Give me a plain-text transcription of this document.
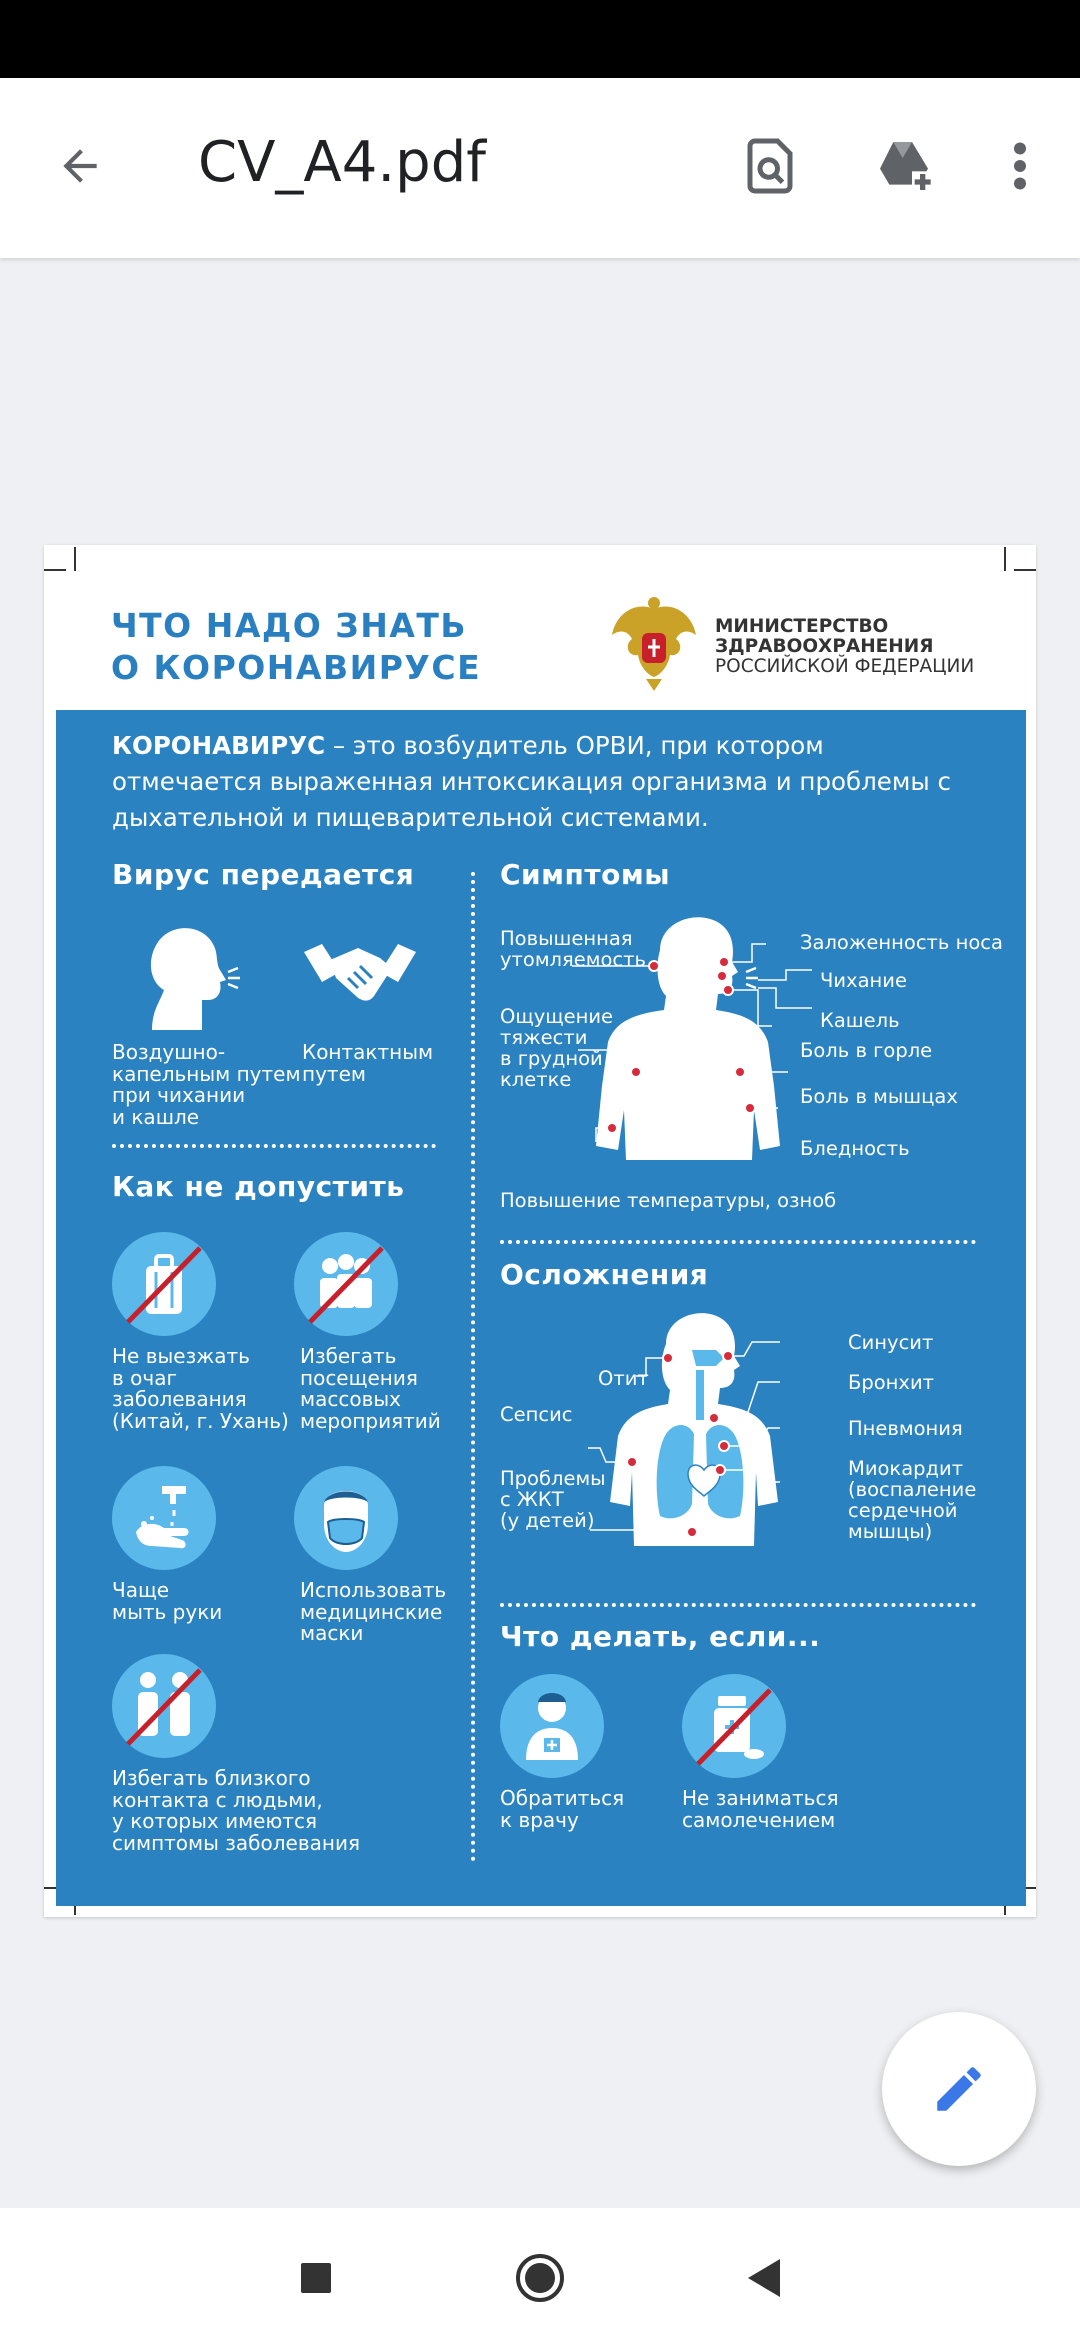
CV_A4.pdf
ЧТО НАДО ЗНАТЬ
О КОРОНАВИРУСЕ
МИНИСТЕРСТВО
ЗДРАВООХРАНЕНИЯ
РОССИЙСКОЙ ФЕДЕРАЦИИ
КОРОНАВИРУС – это возбудитель ОРВИ, при котором отмечается выраженная интоксикация организма и проблемы с дыхательной и пищеварительной системами.
Вирус передается
Воздушно-
капельным путем
при чихании
и кашле
Контактным
путем
Как не допустить
Не выезжать
в очаг
заболевания
(Китай, г. Ухань)
Избегать
посещения
массовых
мероприятий
Чаще
мыть руки
Использовать
медицинские
маски
Избегать близкого
контакта с людьми,
у которых имеются
симптомы заболевания
Симптомы
Повышенная
утомляемость
Ощущение
тяжести
в грудной
клетке
Заложенность носа
Чихание
Кашель
Боль в горле
Боль в мышцах
Бледность
Повышение температуры, озноб
Осложнения
Отит
Синусит
Бронхит
Сепсис
Пневмония
Миокардит
(воспаление
сердечной
мышцы)
Проблемы
с ЖКТ
(у детей)
Что делать, если...
Обратиться
к врачу
Не заниматься
самолечением
